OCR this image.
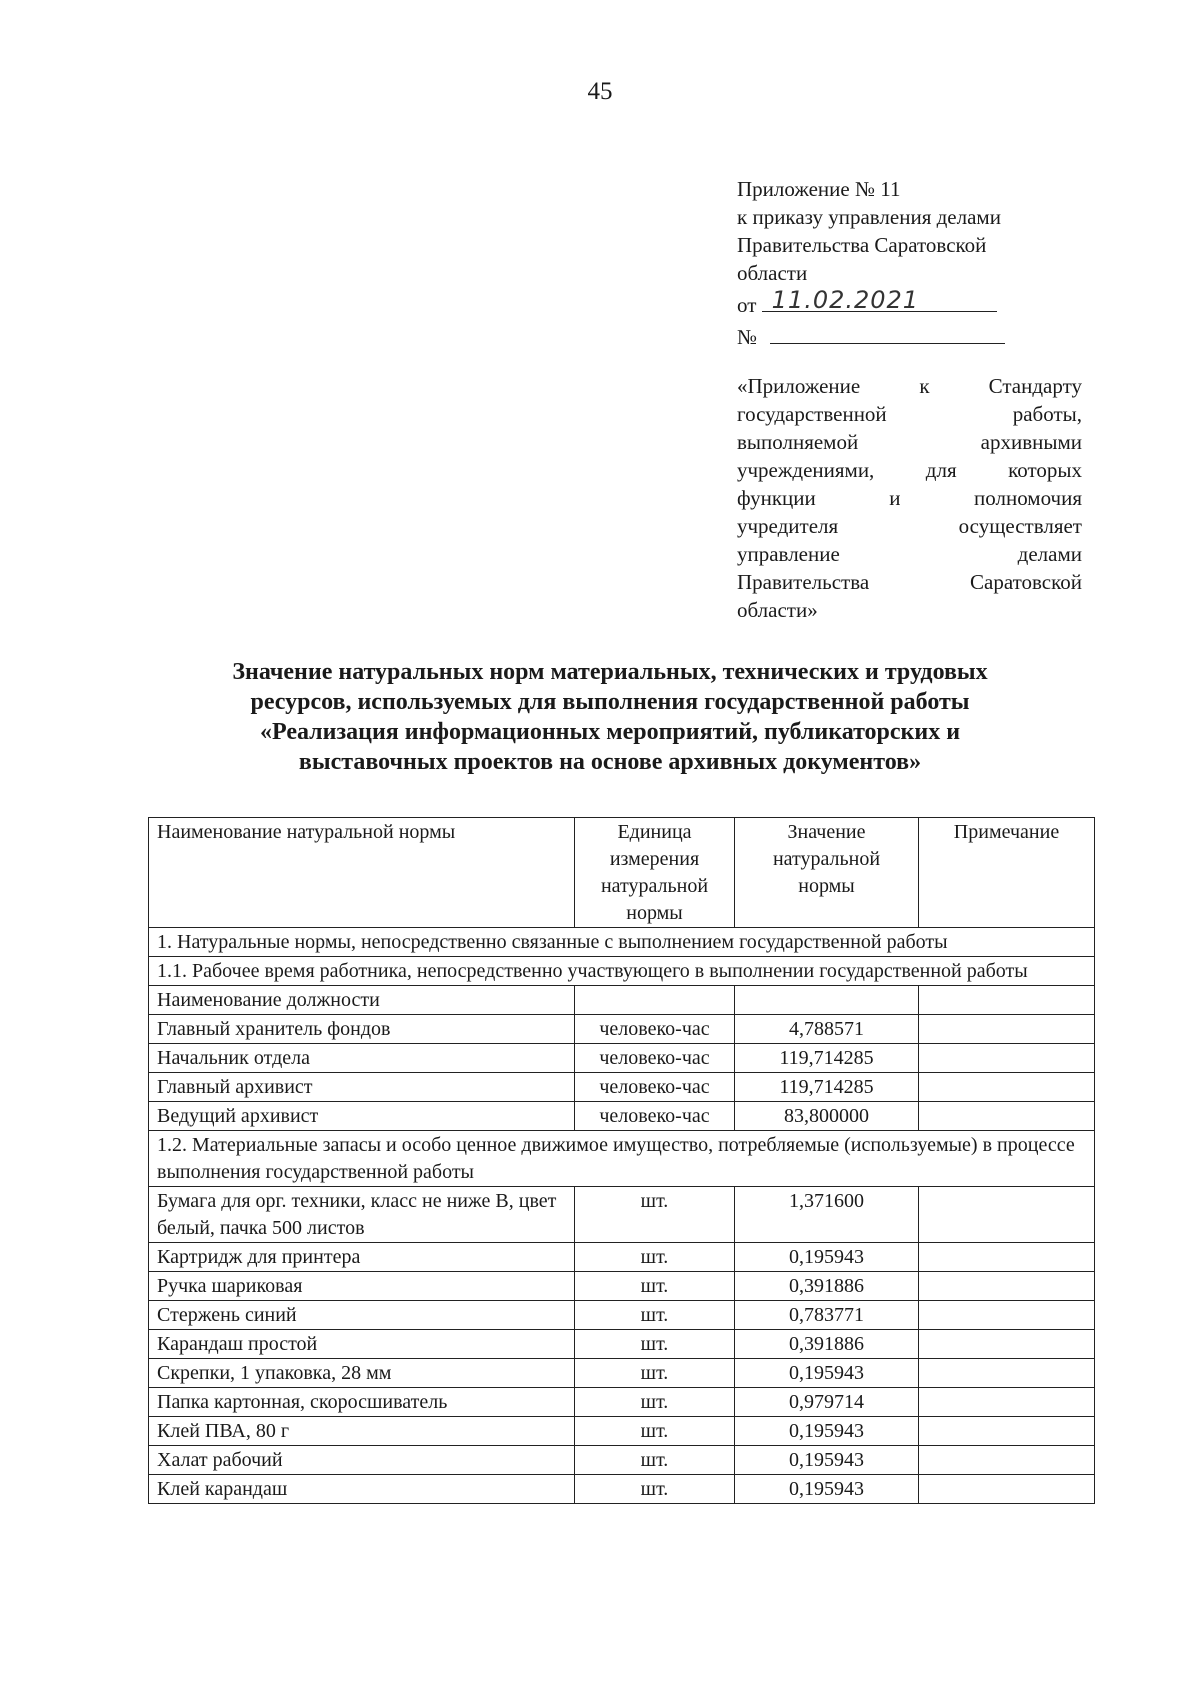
45
Приложение № 11
к приказу управления делами
Правительства Саратовской
области
от 11.02.2021
№
«Приложение к Стандарту
государственной работы,
выполняемой архивными
учреждениями, для которых
функции и полномочия
учредителя осуществляет
управление делами
Правительства Саратовской
области»
Значение натуральных норм материальных, технических и трудовых
ресурсов, используемых для выполнения государственной работы
«Реализация информационных мероприятий, публикаторских и
выставочных проектов на основе архивных документов»
Наименование натуральной нормы	Единица измерения натуральной нормы	Значение натуральной нормы	Примечание
1. Натуральные нормы, непосредственно связанные с выполнением государственной работы			
1.1. Рабочее время работника, непосредственно участвующего в выполнении государственной работы			
Наименование должности			
Главный хранитель фондов	человеко-час	4,788571	
Начальник отдела	человеко-час	119,714285	
Главный архивист	человеко-час	119,714285	
Ведущий архивист	человеко-час	83,800000	
1.2. Материальные запасы и особо ценное движимое имущество, потребляемые (используемые) в процессе выполнения государственной работы			
Бумага для орг. техники, класс не ниже В, цвет белый, пачка 500 листов	шт.	1,371600	
Картридж для принтера	шт.	0,195943	
Ручка шариковая	шт.	0,391886	
Стержень синий	шт.	0,783771	
Карандаш простой	шт.	0,391886	
Скрепки, 1 упаковка, 28 мм	шт.	0,195943	
Папка картонная, скоросшиватель	шт.	0,979714	
Клей ПВА, 80 г	шт.	0,195943	
Халат рабочий	шт.	0,195943	
Клей карандаш	шт.	0,195943	
